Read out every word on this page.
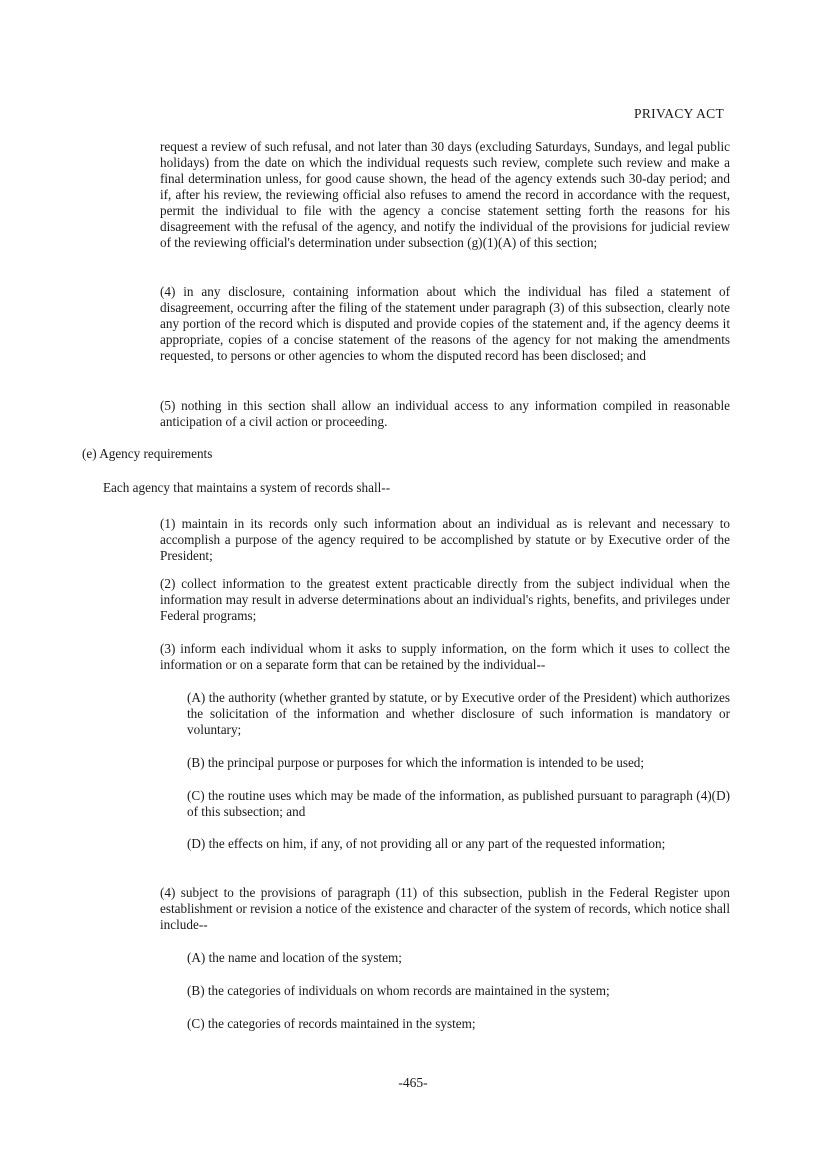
PRIVACY ACT

request a review of such refusal, and not later than 30 days (excluding Saturdays, Sundays, and legal public holidays) from the date on which the individual requests such review, complete such review and make a final determination unless, for good cause shown, the head of the agency extends such 30-day period; and if, after his review, the reviewing official also refuses to amend the record in accordance with the request, permit the individual to file with the agency a concise statement setting forth the reasons for his disagreement with the refusal of the agency, and notify the individual of the provisions for judicial review of the reviewing official's determination under subsection (g)(1)(A) of this section;

(4) in any disclosure, containing information about which the individual has filed a statement of disagreement, occurring after the filing of the statement under paragraph (3) of this subsection, clearly note any portion of the record which is disputed and provide copies of the statement and, if the agency deems it appropriate, copies of a concise statement of the reasons of the agency for not making the amendments requested, to persons or other agencies to whom the disputed record has been disclosed; and

(5) nothing in this section shall allow an individual access to any information compiled in reasonable anticipation of a civil action or proceeding.

(e) Agency requirements

Each agency that maintains a system of records shall--

(1) maintain in its records only such information about an individual as is relevant and necessary to accomplish a purpose of the agency required to be accomplished by statute or by Executive order of the President;

(2) collect information to the greatest extent practicable directly from the subject individual when the information may result in adverse determinations about an individual's rights, benefits, and privileges under Federal programs;

(3) inform each individual whom it asks to supply information, on the form which it uses to collect the information or on a separate form that can be retained by the individual--

(A) the authority (whether granted by statute, or by Executive order of the President) which authorizes the solicitation of the information and whether disclosure of such information is mandatory or voluntary;

(B) the principal purpose or purposes for which the information is intended to be used;

(C) the routine uses which may be made of the information, as published pursuant to paragraph (4)(D) of this subsection; and

(D) the effects on him, if any, of not providing all or any part of the requested information;

(4) subject to the provisions of paragraph (11) of this subsection, publish in the Federal Register upon establishment or revision a notice of the existence and character of the system of records, which notice shall include--

(A) the name and location of the system;

(B) the categories of individuals on whom records are maintained in the system;

(C) the categories of records maintained in the system;

-465-
